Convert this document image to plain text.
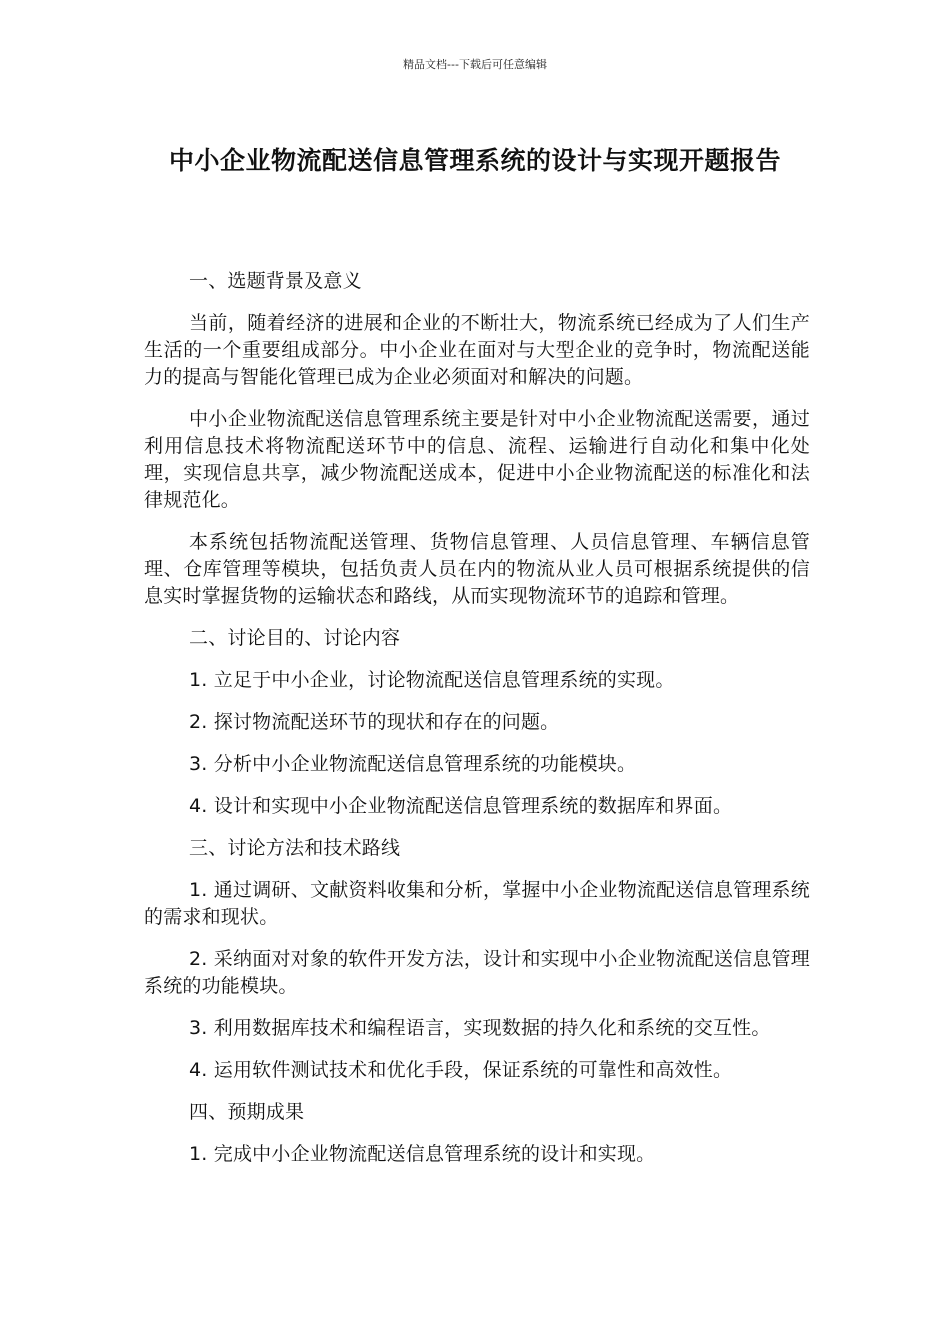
精品文档---下载后可任意编辑
中小企业物流配送信息管理系统的设计与实现开题报告

一、选题背景及意义

当前，随着经济的进展和企业的不断壮大，物流系统已经成为了人们生产生活的一个重要组成部分。中小企业在面对与大型企业的竞争时，物流配送能力的提高与智能化管理已成为企业必须面对和解决的问题。

中小企业物流配送信息管理系统主要是针对中小企业物流配送需要，通过利用信息技术将物流配送环节中的信息、流程、运输进行自动化和集中化处理，实现信息共享，减少物流配送成本，促进中小企业物流配送的标准化和法律规范化。

本系统包括物流配送管理、货物信息管理、人员信息管理、车辆信息管理、仓库管理等模块，包括负责人员在内的物流从业人员可根据系统提供的信息实时掌握货物的运输状态和路线，从而实现物流环节的追踪和管理。

二、讨论目的、讨论内容

1. 立足于中小企业，讨论物流配送信息管理系统的实现。

2. 探讨物流配送环节的现状和存在的问题。

3. 分析中小企业物流配送信息管理系统的功能模块。

4. 设计和实现中小企业物流配送信息管理系统的数据库和界面。

三、讨论方法和技术路线

1. 通过调研、文献资料收集和分析，掌握中小企业物流配送信息管理系统的需求和现状。

2. 采纳面对对象的软件开发方法，设计和实现中小企业物流配送信息管理系统的功能模块。

3. 利用数据库技术和编程语言，实现数据的持久化和系统的交互性。

4. 运用软件测试技术和优化手段，保证系统的可靠性和高效性。

四、预期成果

1. 完成中小企业物流配送信息管理系统的设计和实现。
